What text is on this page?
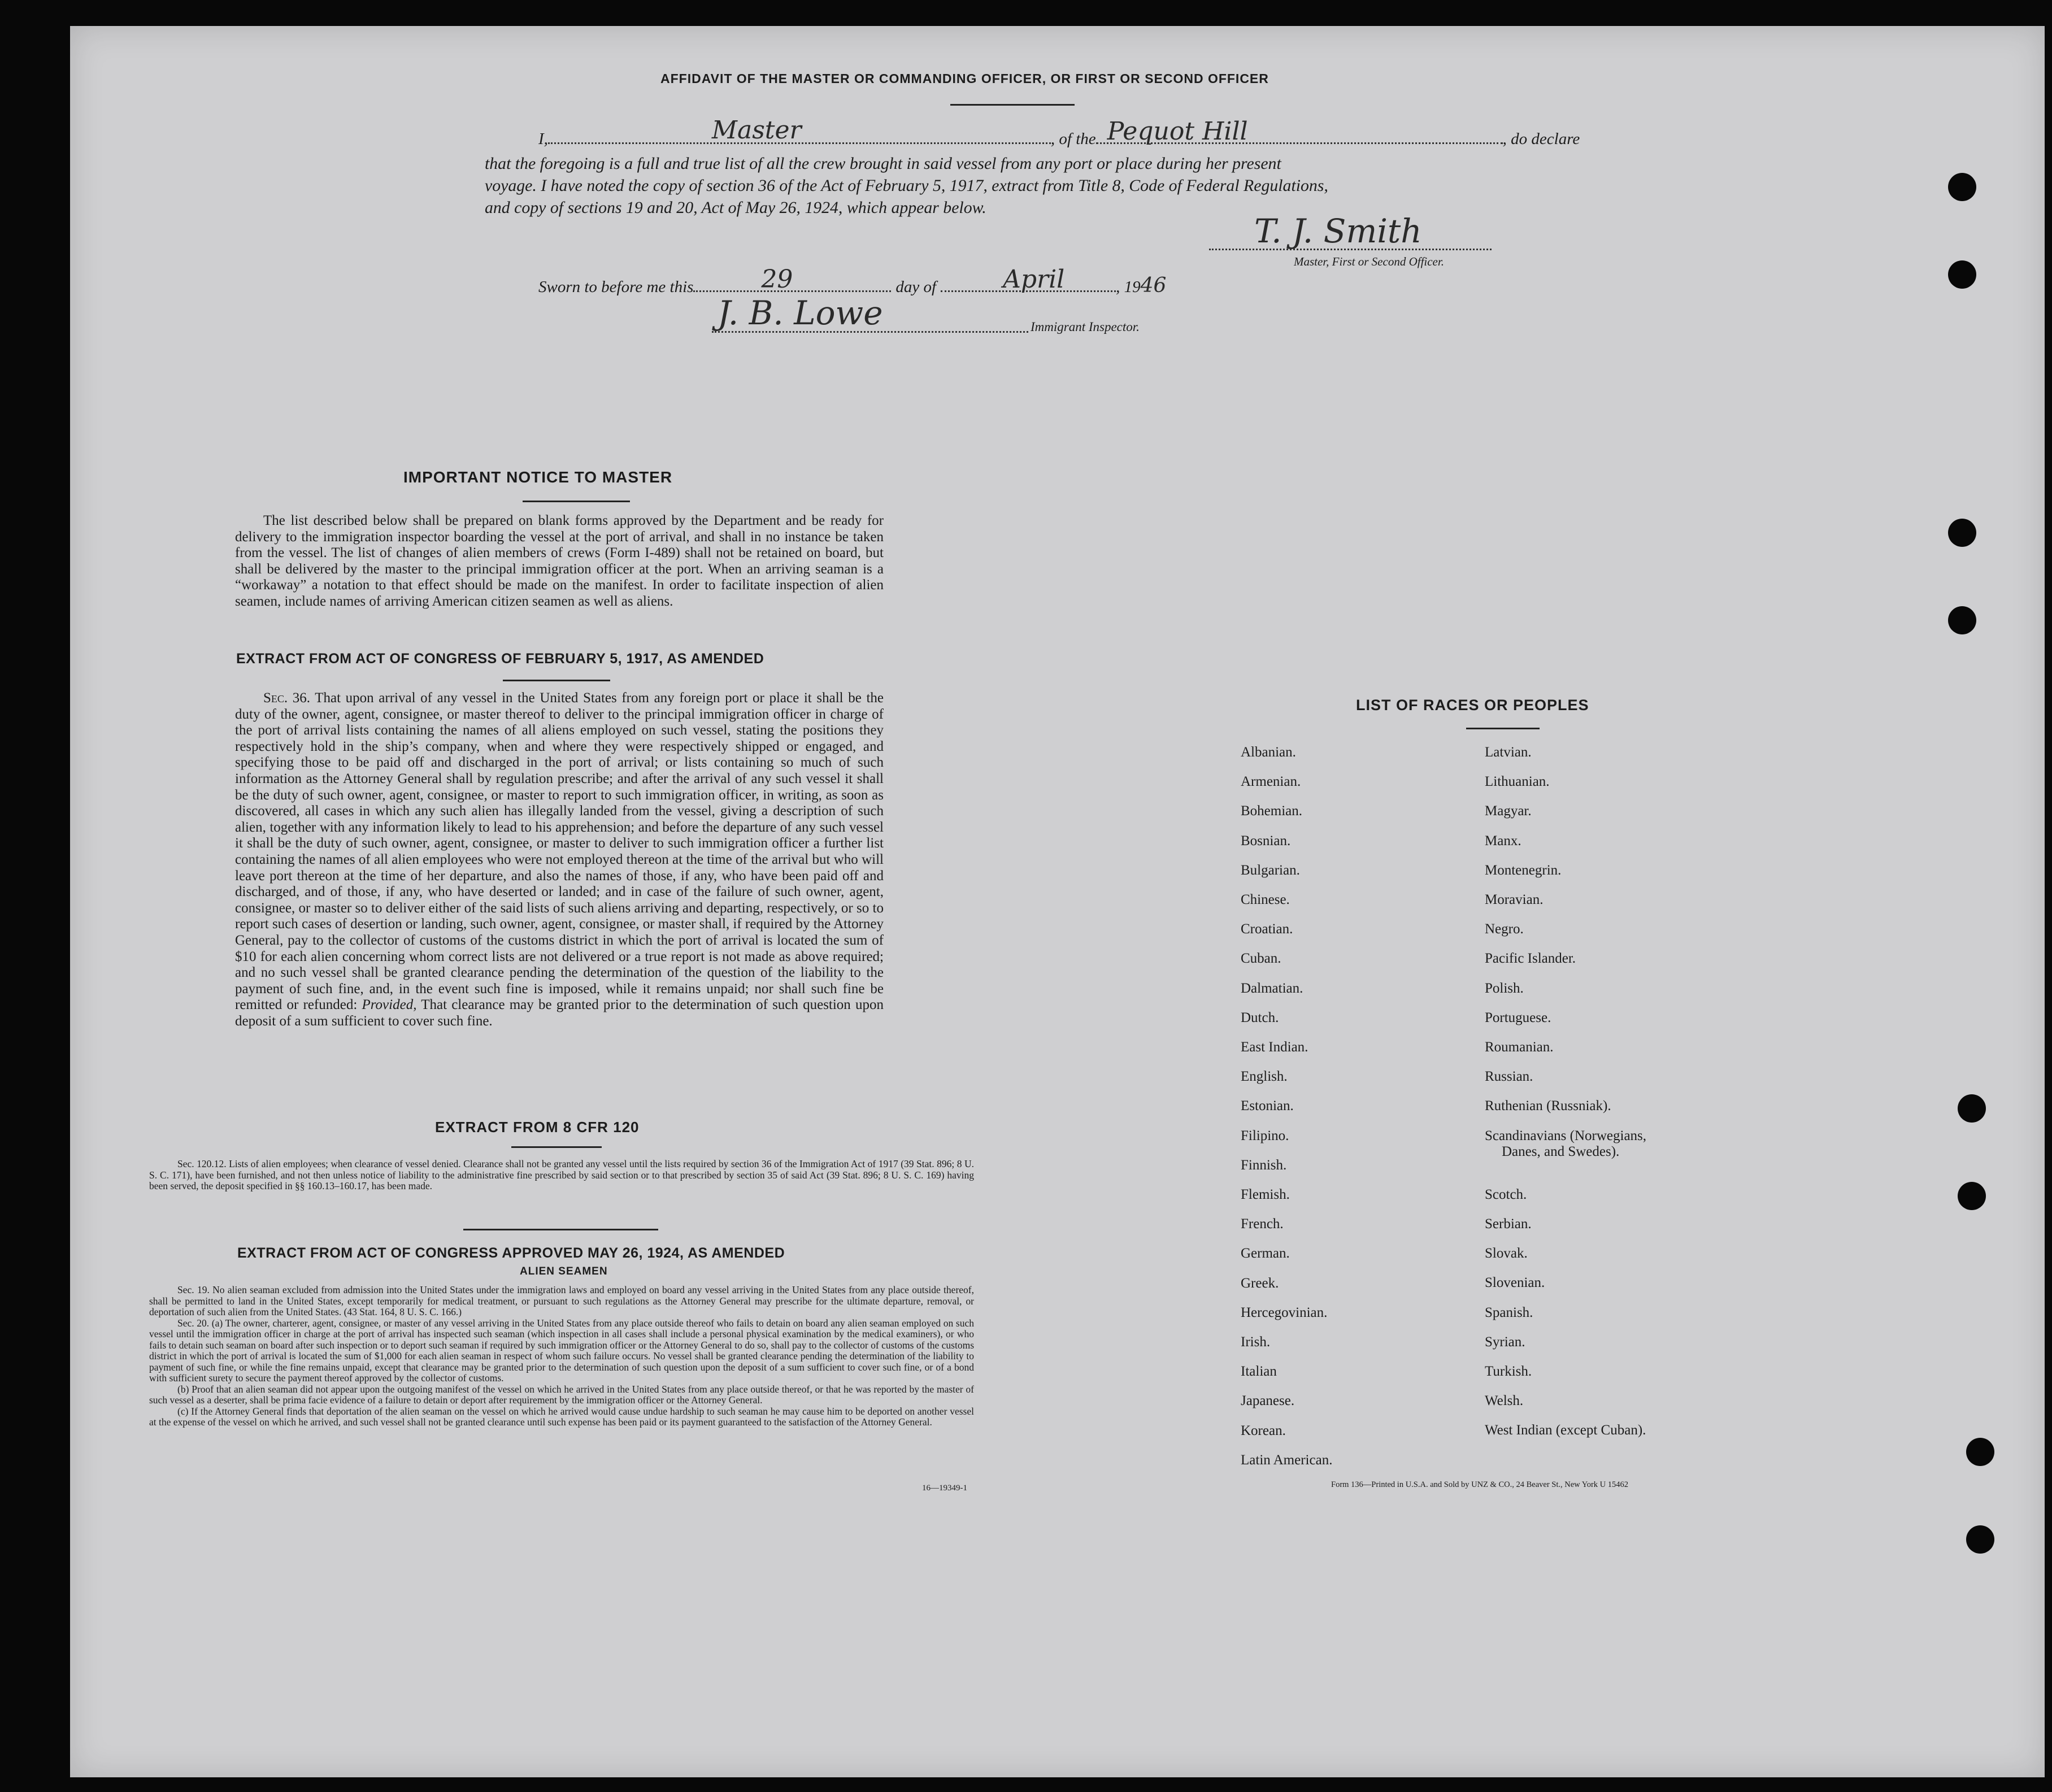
AFFIDAVIT OF THE MASTER OR COMMANDING OFFICER, OR FIRST OR SECOND OFFICER
I,	Master	, of the Pequot Hill	, do declare
that the foregoing is a full and true list of all the crew brought in said vessel from any port or place during her present
voyage. I have noted the copy of section 36 of the Act of February 5, 1917, extract from Title 8, Code of Federal Regulations,
and copy of sections 19 and 20, Act of May 26, 1924, which appear below.
T. J. Smith
Master, First or Second Officer.
Sworn to before me this	29	day of	April	, 1946
J. B. Lowe	Immigrant Inspector.
IMPORTANT NOTICE TO MASTER
The list described below shall be prepared on blank forms approved by the Department and be ready for delivery to the immigration inspector boarding the vessel at the port of arrival, and shall in no instance be taken from the vessel. The list of changes of alien members of crews (Form I-489) shall not be retained on board, but shall be delivered by the master to the principal immigration officer at the port. When an arriving seaman is a “workaway” a notation to that effect should be made on the manifest. In order to facilitate inspection of alien seamen, include names of arriving American citizen seamen as well as aliens.
EXTRACT FROM ACT OF CONGRESS OF FEBRUARY 5, 1917, AS AMENDED
Sec. 36. That upon arrival of any vessel in the United States from any foreign port or place it shall be the duty of the owner, agent, consignee, or master thereof to deliver to the principal immigration officer in charge of the port of arrival lists containing the names of all aliens employed on such vessel, stating the positions they respectively hold in the ship’s company, when and where they were respectively shipped or engaged, and specifying those to be paid off and discharged in the port of arrival; or lists containing so much of such information as the Attorney General shall by regulation prescribe; and after the arrival of any such vessel it shall be the duty of such owner, agent, consignee, or master to report to such immigration officer, in writing, as soon as discovered, all cases in which any such alien has illegally landed from the vessel, giving a description of such alien, together with any information likely to lead to his apprehension; and before the departure of any such vessel it shall be the duty of such owner, agent, consignee, or master to deliver to such immigration officer a further list containing the names of all alien employees who were not employed thereon at the time of the arrival but who will leave port thereon at the time of her departure, and also the names of those, if any, who have been paid off and discharged, and of those, if any, who have deserted or landed; and in case of the failure of such owner, agent, consignee, or master so to deliver either of the said lists of such aliens arriving and departing, respectively, or so to report such cases of desertion or landing, such owner, agent, consignee, or master shall, if required by the Attorney General, pay to the collector of customs of the customs district in which the port of arrival is located the sum of $10 for each alien concerning whom correct lists are not delivered or a true report is not made as above required; and no such vessel shall be granted clearance pending the determination of the question of the liability to the payment of such fine, and, in the event such fine is imposed, while it remains unpaid; nor shall such fine be remitted or refunded: Provided, That clearance may be granted prior to the determination of such question upon deposit of a sum sufficient to cover such fine.
EXTRACT FROM 8 CFR 120
Sec. 120.12. Lists of alien employees; when clearance of vessel denied. Clearance shall not be granted any vessel until the lists required by section 36 of the Immigration Act of 1917 (39 Stat. 896; 8 U. S. C. 171), have been furnished, and not then unless notice of liability to the administrative fine prescribed by said section or to that prescribed by section 35 of said Act (39 Stat. 896; 8 U. S. C. 169) having been served, the deposit specified in §§ 160.13–160.17, has been made.
EXTRACT FROM ACT OF CONGRESS APPROVED MAY 26, 1924, AS AMENDED
ALIEN SEAMEN
Sec. 19. No alien seaman excluded from admission into the United States under the immigration laws and employed on board any vessel arriving in the United States from any place outside thereof, shall be permitted to land in the United States, except temporarily for medical treatment, or pursuant to such regulations as the Attorney General may prescribe for the ultimate departure, removal, or deportation of such alien from the United States. (43 Stat. 164, 8 U. S. C. 166.)
Sec. 20. (a) The owner, charterer, agent, consignee, or master of any vessel arriving in the United States from any place outside thereof who fails to detain on board any alien seaman employed on such vessel until the immigration officer in charge at the port of arrival has inspected such seaman (which inspection in all cases shall include a personal physical examination by the medical examiners), or who fails to detain such seaman on board after such inspection or to deport such seaman if required by such immigration officer or the Attorney General to do so, shall pay to the collector of customs of the customs district in which the port of arrival is located the sum of $1,000 for each alien seaman in respect of whom such failure occurs. No vessel shall be granted clearance pending the determination of the liability to payment of such fine, or while the fine remains unpaid, except that clearance may be granted prior to the determination of such question upon the deposit of a sum sufficient to cover such fine, or of a bond with sufficient surety to secure the payment thereof approved by the collector of customs.
(b) Proof that an alien seaman did not appear upon the outgoing manifest of the vessel on which he arrived in the United States from any place outside thereof, or that he was reported by the master of such vessel as a deserter, shall be prima facie evidence of a failure to detain or deport after requirement by the immigration officer or the Attorney General.
(c) If the Attorney General finds that deportation of the alien seaman on the vessel on which he arrived would cause undue hardship to such seaman he may cause him to be deported on another vessel at the expense of the vessel on which he arrived, and such vessel shall not be granted clearance until such expense has been paid or its payment guaranteed to the satisfaction of the Attorney General.
16—19349-1
LIST OF RACES OR PEOPLES
Albanian.
Armenian.
Bohemian.
Bosnian.
Bulgarian.
Chinese.
Croatian.
Cuban.
Dalmatian.
Dutch.
East Indian.
English.
Estonian.
Filipino.
Finnish.
Flemish.
French.
German.
Greek.
Hercegovinian.
Irish.
Italian
Japanese.
Korean.
Latin American.
Latvian.
Lithuanian.
Magyar.
Manx.
Montenegrin.
Moravian.
Negro.
Pacific Islander.
Polish.
Portuguese.
Roumanian.
Russian.
Ruthenian (Russniak).
Scandinavians (Norwegians,
Danes, and Swedes).
Scotch.
Serbian.
Slovak.
Slovenian.
Spanish.
Syrian.
Turkish.
Welsh.
West Indian (except Cuban).
Form 136—Printed in U.S.A. and Sold by UNZ & CO., 24 Beaver St., New York U 15462
